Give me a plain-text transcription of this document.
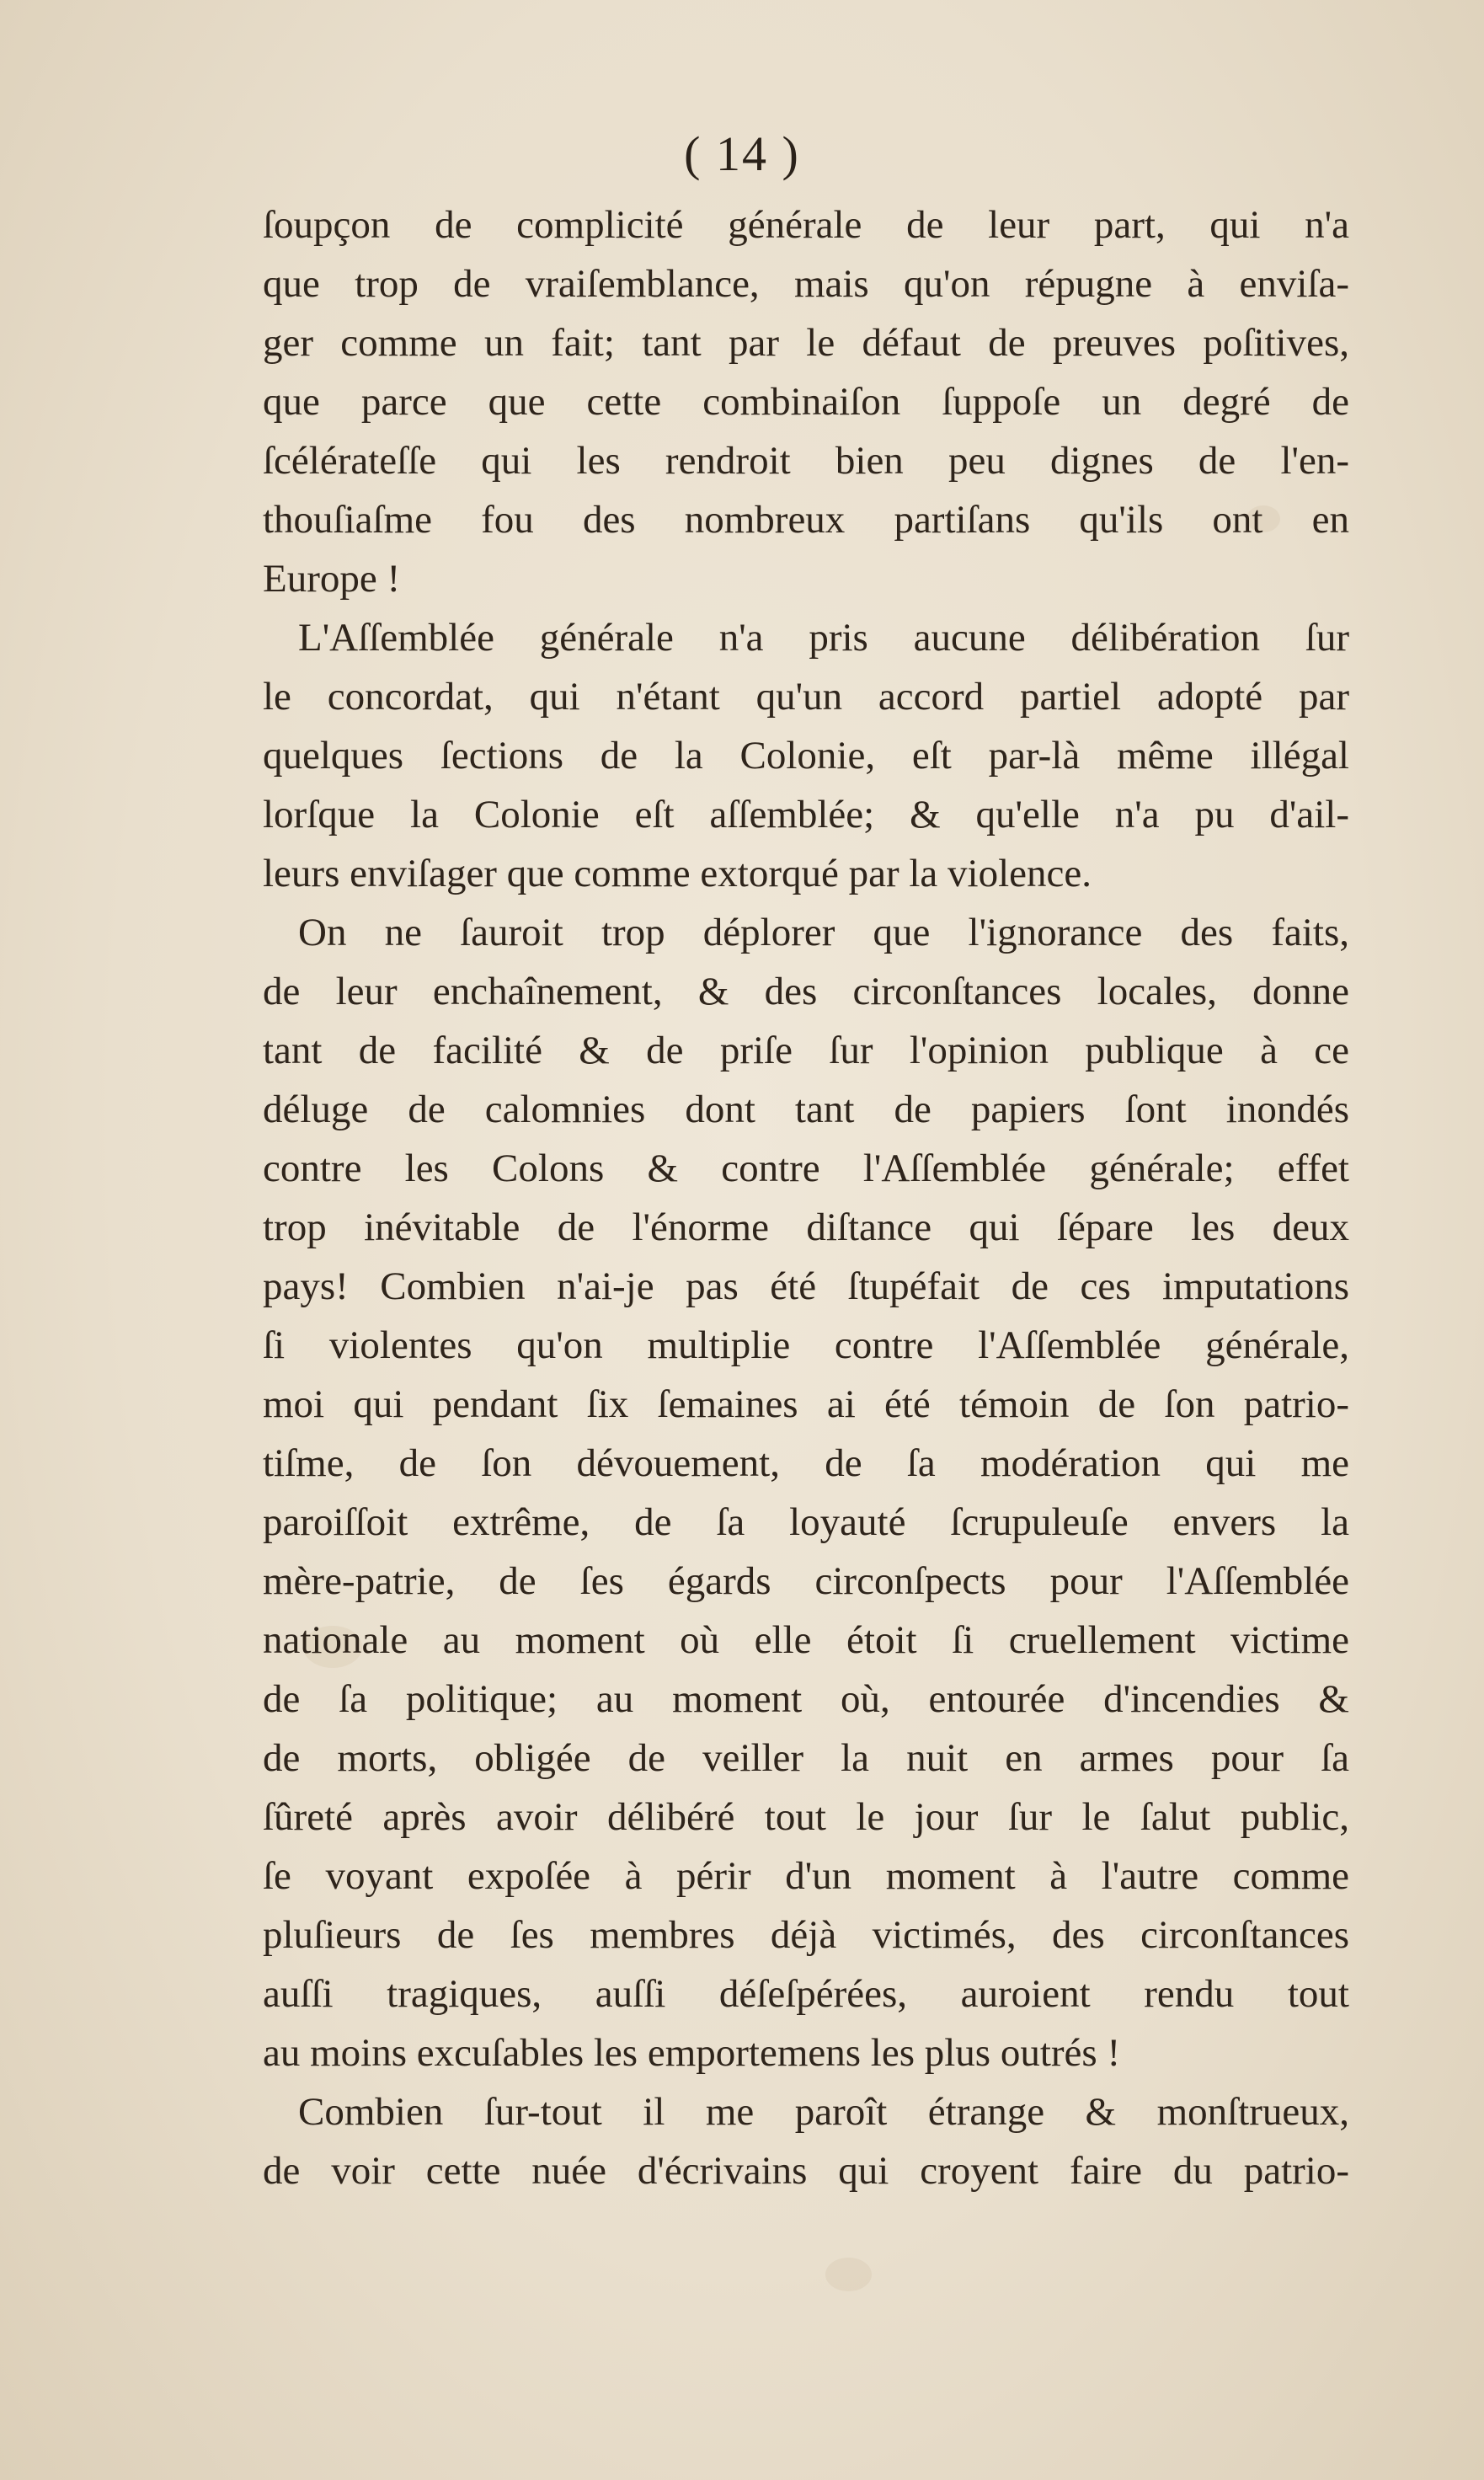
( 14 )
ſoupçon de complicité générale de leur part, qui n'a
que trop de vraiſemblance, mais qu'on répugne à enviſa-
ger comme un fait; tant par le défaut de preuves poſitives,
que parce que cette combinaiſon ſuppoſe un degré de
ſcélérateſſe qui les rendroit bien peu dignes de l'en-
thouſiaſme fou des nombreux partiſans qu'ils ont en
Europe !
L'Aſſemblée générale n'a pris aucune délibération ſur
le concordat, qui n'étant qu'un accord partiel adopté par
quelques ſections de la Colonie, eſt par-là même illégal
lorſque la Colonie eſt aſſemblée; & qu'elle n'a pu d'ail-
leurs enviſager que comme extorqué par la violence.
On ne ſauroit trop déplorer que l'ignorance des faits,
de leur enchaînement, & des circonſtances locales, donne
tant de facilité & de priſe ſur l'opinion publique à ce
déluge de calomnies dont tant de papiers ſont inondés
contre les Colons & contre l'Aſſemblée générale; effet
trop inévitable de l'énorme diſtance qui ſépare les deux
pays! Combien n'ai-je pas été ſtupéfait de ces imputations
ſi violentes qu'on multiplie contre l'Aſſemblée générale,
moi qui pendant ſix ſemaines ai été témoin de ſon patrio-
tiſme, de ſon dévouement, de ſa modération qui me
paroiſſoit extrême, de ſa loyauté ſcrupuleuſe envers la
mère-patrie, de ſes égards circonſpects pour l'Aſſemblée
nationale au moment où elle étoit ſi cruellement victime
de ſa politique; au moment où, entourée d'incendies &
de morts, obligée de veiller la nuit en armes pour ſa
ſûreté après avoir délibéré tout le jour ſur le ſalut public,
ſe voyant expoſée à périr d'un moment à l'autre comme
pluſieurs de ſes membres déjà victimés, des circonſtances
auſſi tragiques, auſſi déſeſpérées, auroient rendu tout
au moins excuſables les emportemens les plus outrés !
Combien ſur-tout il me paroît étrange & monſtrueux,
de voir cette nuée d'écrivains qui croyent faire du patrio-
